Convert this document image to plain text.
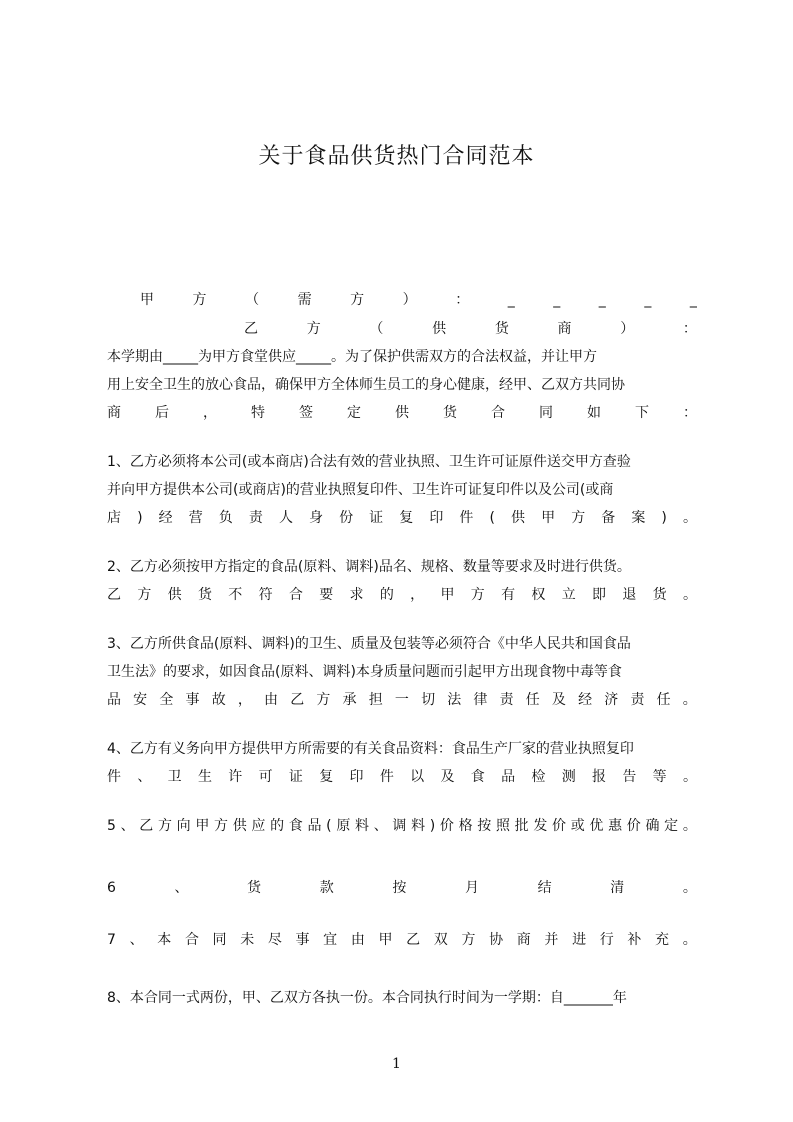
关于食品供货热门合同范本
甲	方	（	需	方	）	：	_	_	_	_	_
乙	方	（	供	货	商	）	：
本学期由_____为甲方食堂供应_____。为了保护供需双方的合法权益，并让甲方
用上安全卫生的放心食品，确保甲方全体师生员工的身心健康，经甲、乙双方共同协
商 后 ， 特 签 定 供 货 合 同 如 下 ：
1、乙方必须将本公司(或本商店)合法有效的营业执照、卫生许可证原件送交甲方查验
并向甲方提供本公司(或商店)的营业执照复印件、卫生许可证复印件以及公司(或商
店 ) 经 营 负 责 人 身 份 证 复 印 件 ( 供 甲 方 备 案 ) 。
2、乙方必须按甲方指定的食品(原料、调料)品名、规格、数量等要求及时进行供货。
乙 方 供 货 不 符 合 要 求 的 ， 甲 方 有 权 立 即 退 货 。
3、乙方所供食品(原料、调料)的卫生、质量及包装等必须符合《中华人民共和国食品
卫生法》的要求，如因食品(原料、调料)本身质量问题而引起甲方出现食物中毒等食
品 安 全 事 故 ， 由 乙 方 承 担 一 切 法 律 责 任 及 经 济 责 任 。
4、乙方有义务向甲方提供甲方所需要的有关食品资料：食品生产厂家的营业执照复印
件 、 卫 生 许 可 证 复 印 件 以 及 食 品 检 测 报 告 等 。
5 、 乙 方 向 甲 方 供 应 的 食 品 ( 原 料 、 调 料 ) 价 格 按 照 批 发 价 或 优 惠 价 确 定 。
6	、	货	款	按	月	结	清	。
7 、 本 合 同 未 尽 事 宜 由 甲 乙 双 方 协 商 并 进 行 补 充 。
8、本合同一式两份，甲、乙双方各执一份。本合同执行时间为一学期：自_______年
1
